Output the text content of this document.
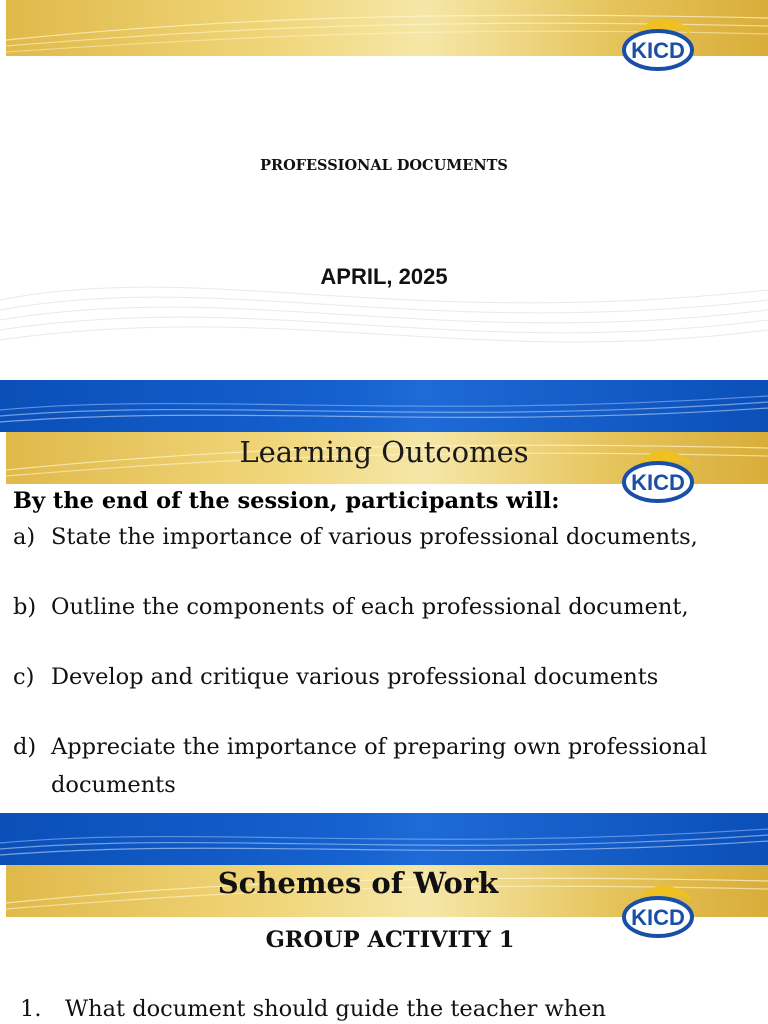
KICD
PROFESSIONAL DOCUMENTS
APRIL, 2025
KICD
Learning Outcomes
By the end of the session, participants will:
a) State the importance of various professional documents,
b) Outline the components of each professional document,
c) Develop and critique various professional documents
d) Appreciate the importance of preparing own professional documents
KICD
Schemes of Work
GROUP ACTIVITY 1
1. What document should guide the teacher when
